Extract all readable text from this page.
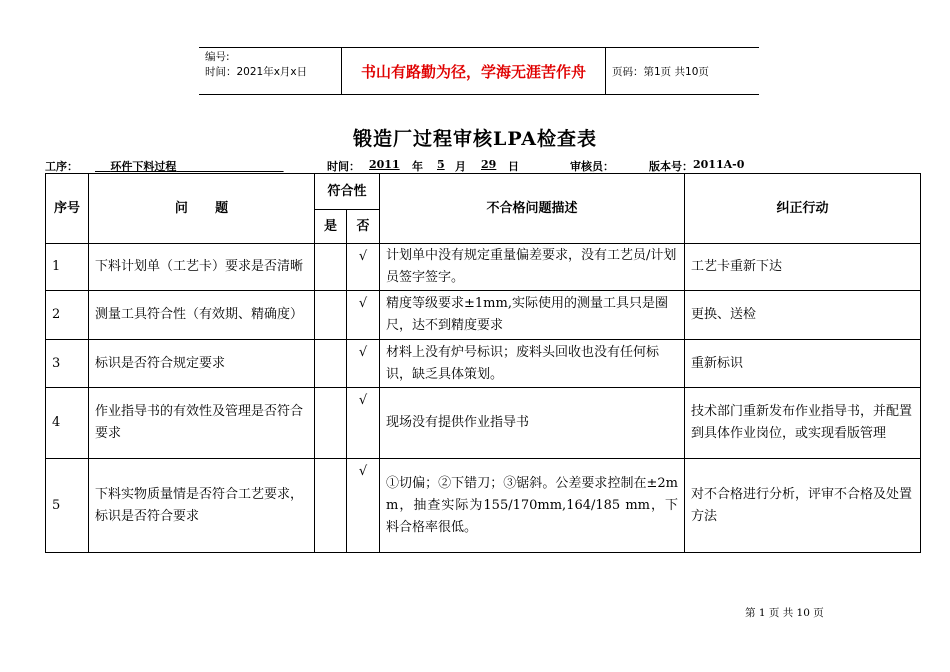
编号:
时间：2021年x月x日	书山有路勤为径，学海无涯苦作舟	页码：第1页 共10页
锻造厂过程审核LPA检查表
工序：	环件下料过程	时间： 2011 年 5 月 29 日	审核员：	版本号： 2011A-0
序号	问      题	符合性		不合格问题描述	纠正行动
		是	否		
1	下料计划单（工艺卡）要求是否清晰		√	计划单中没有规定重量偏差要求，没有工艺员/计划员签字签字。	工艺卡重新下达
2	测量工具符合性（有效期、精确度）		√	精度等级要求±1mm,实际使用的测量工具只是圈尺，达不到精度要求	更换、送检
3	标识是否符合规定要求		√	材料上没有炉号标识；废料头回收也没有任何标识，缺乏具体策划。	重新标识
4	作业指导书的有效性及管理是否符合要求		√	现场没有提供作业指导书	技术部门重新发布作业指导书，并配置到具体作业岗位，或实现看版管理
5	下料实物质量情是否符合工艺要求，标识是否符合要求		√	①切偏；②下错刀；③锯斜。公差要求控制在±2mm，抽查实际为155/170mm,164/185 mm，下料合格率很低。	对不合格进行分析，评审不合格及处置方法
第 1 页 共 10 页
